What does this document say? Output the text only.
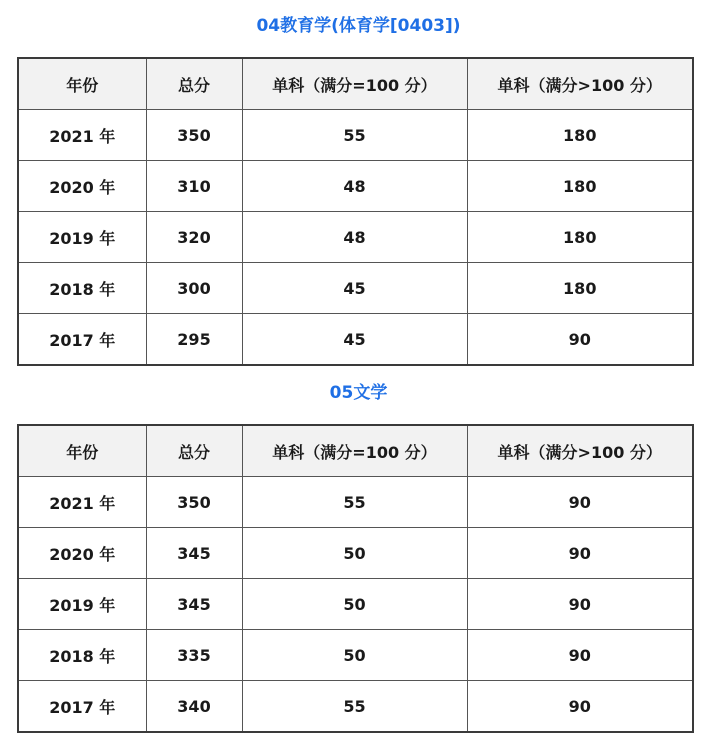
04教育学(体育学[0403])
年份	总分	单科（满分=100 分）	单科（满分>100 分）
2021 年	350	55	180
2020 年	310	48	180
2019 年	320	48	180
2018 年	300	45	180
2017 年	295	45	90
05文学
年份	总分	单科（满分=100 分）	单科（满分>100 分）
2021 年	350	55	90
2020 年	345	50	90
2019 年	345	50	90
2018 年	335	50	90
2017 年	340	55	90
